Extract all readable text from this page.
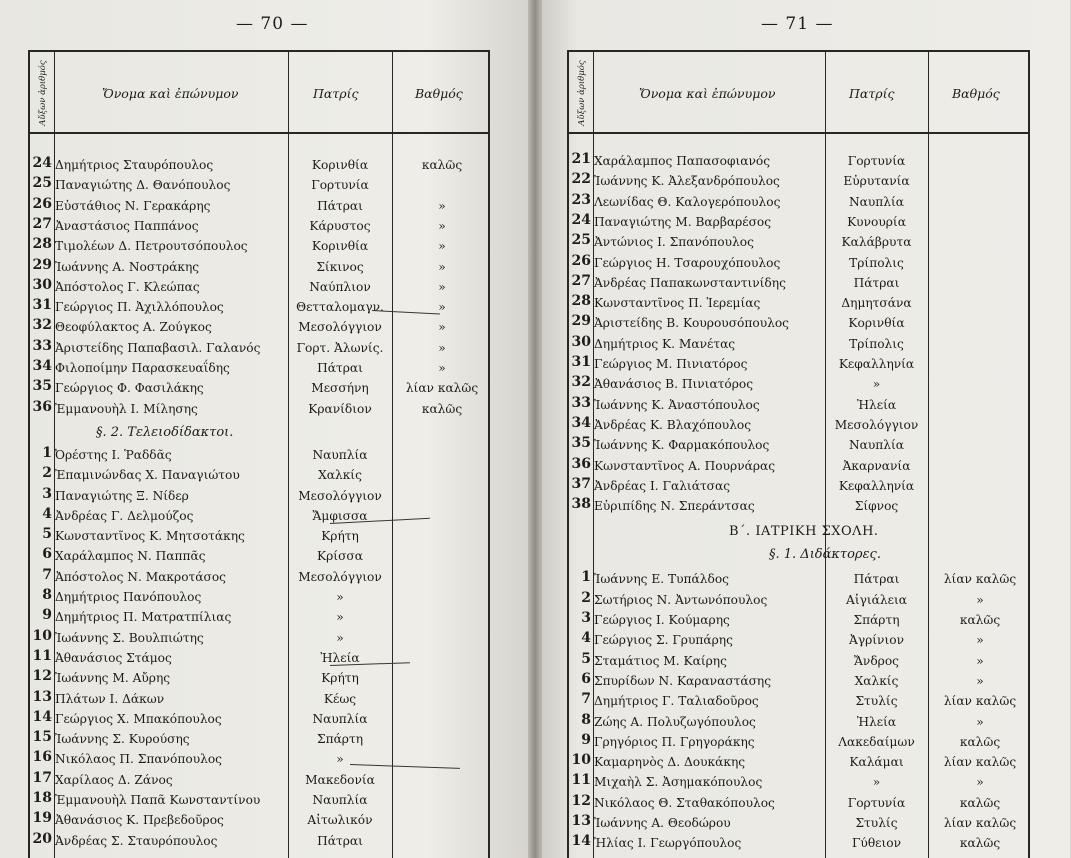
— 70 —
Αὔξων ἀριθμός	Ὄνομα καὶ ἐπώνυμον	Πατρίς	Βαθμός
24 Δημήτριος Σταυρόπουλος	Κορινθία	καλῶς
25 Παναγιώτης Δ. Θανόπουλος	Γορτυνία
26 Εὐστάθιος Ν. Γερακάρης	Πάτραι	»
27 Ἀναστάσιος Παππάνος	Κάρυστος	»
28 Τιμολέων Δ. Πετρουτσόπουλος	Κορινθία	»
29 Ἰωάννης Α. Νοστράκης	Σίκινος	»
30 Ἀπόστολος Γ. Κλεώπας	Ναύπλιον	»
31 Γεώργιος Π. Ἀχιλλόπουλος	Θετταλομαγν.	»
32 Θεοφύλακτος Α. Ζούγκος	Μεσολόγγιον	»
33 Ἀριστείδης Παπαβασιλ. Γαλανός	Γορτ. Ἀλωνίς.	»
34 Φιλοποίμην Παρασκευαΐδης	Πάτραι	»
35 Γεώργιος Φ. Φασιλάκης	Μεσσήνη	λίαν καλῶς
36 Ἐμμανουὴλ Ι. Μίλησης	Κρανίδιον	καλῶς
§. 2. Τελειοδίδακτοι.
1 Ὀρέστης Ι. Ῥαδδᾶς	Ναυπλία
2 Ἐπαμινώνδας Χ. Παναγιώτου	Χαλκίς
3 Παναγιώτης Ξ. Νίδερ	Μεσολόγγιον
4 Ἀνδρέας Γ. Δελμούζος	Ἄμφισσα
5 Κωνσταντῖνος Κ. Μητσοτάκης	Κρήτη
6 Χαράλαμπος Ν. Παππᾶς	Κρίσσα
7 Ἀπόστολος Ν. Μακροτάσος	Μεσολόγγιον
8 Δημήτριος Πανόπουλος	»
9 Δημήτριος Π. Ματρατπίλιας	»
10 Ἰωάννης Σ. Βουλπιώτης	»
11 Ἀθανάσιος Στάμος	Ἠλεία
12 Ἰωάννης Μ. Αὔρης	Κρήτη
13 Πλάτων Ι. Δάκων	Κέως
14 Γεώργιος Χ. Μπακόπουλος	Ναυπλία
15 Ἰωάννης Σ. Κυρούσης	Σπάρτη
16 Νικόλαος Π. Σπανόπουλος	»
17 Χαρίλαος Δ. Ζάνος	Μακεδονία
18 Ἐμμανουὴλ Παπᾶ Κωνσταντίνου	Ναυπλία
19 Ἀθανάσιος Κ. Πρεβεδοῦρος	Αἰτωλικόν
20 Ἀνδρέας Σ. Σταυρόπουλος	Πάτραι
— 71 —
Αὔξων ἀριθμός	Ὄνομα καὶ ἐπώνυμον	Πατρίς	Βαθμός
21 Χαράλαμπος Παπασοφιανός	Γορτυνία
22 Ἰωάννης Κ. Ἀλεξανδρόπουλος	Εὐρυτανία
23 Λεωνίδας Θ. Καλογερόπουλος	Ναυπλία
24 Παναγιώτης Μ. Βαρβαρέσος	Κυνουρία
25 Ἀντώνιος Ι. Σπανόπουλος	Καλάβρυτα
26 Γεώργιος Η. Τσαρουχόπουλος	Τρίπολις
27 Ἀνδρέας Παπακωνσταντινίδης	Πάτραι
28 Κωνσταντῖνος Π. Ἱερεμίας	Δημητσάνα
29 Ἀριστείδης Β. Κουρουσόπουλος	Κορινθία
30 Δημήτριος Κ. Μανέτας	Τρίπολις
31 Γεώργιος Μ. Πινιατόρος	Κεφαλληνία
32 Ἀθανάσιος Β. Πινιατόρος	»
33 Ἰωάννης Κ. Ἀναστόπουλος	Ἠλεία
34 Ἀνδρέας Κ. Βλαχόπουλος	Μεσολόγγιον
35 Ἰωάννης Κ. Φαρμακόπουλος	Ναυπλία
36 Κωνσταντῖνος Α. Πουρνάρας	Ἀκαρνανία
37 Ἀνδρέας Ι. Γαλιάτσας	Κεφαλληνία
38 Εὐριπίδης Ν. Σπεράντσας	Σίφνος
Β΄. ΙΑΤΡΙΚΗ ΣΧΟΛΗ.
§. 1. Διδάκτορες.
1 Ἰωάννης Ε. Τυπάλδος	Πάτραι	λίαν καλῶς
2 Σωτήριος Ν. Ἀντωνόπουλος	Αἰγιάλεια	»
3 Γεώργιος Ι. Κούμαρης	Σπάρτη	καλῶς
4 Γεώργιος Σ. Γρυπάρης	Ἀγρίνιον	»
5 Σταμάτιος Μ. Καίρης	Ἄνδρος	»
6 Σπυρίδων Ν. Καραναστάσης	Χαλκίς	»
7 Δημήτριος Γ. Ταλιαδοῦρος	Στυλίς	λίαν καλῶς
8 Ζώης Α. Πολυζωγόπουλος	Ἠλεία	»
9 Γρηγόριος Π. Γρηγοράκης	Λακεδαίμων	καλῶς
10 Καμαρηνὸς Δ. Δουκάκης	Καλάμαι	λίαν καλῶς
11 Μιχαὴλ Σ. Ἀσημακόπουλος	»	»
12 Νικόλαος Θ. Σταθακόπουλος	Γορτυνία	καλῶς
13 Ἰωάννης Α. Θεοδώρου	Στυλίς	λίαν καλῶς
14 Ἠλίας Ι. Γεωργόπουλος	Γύθειον	καλῶς
